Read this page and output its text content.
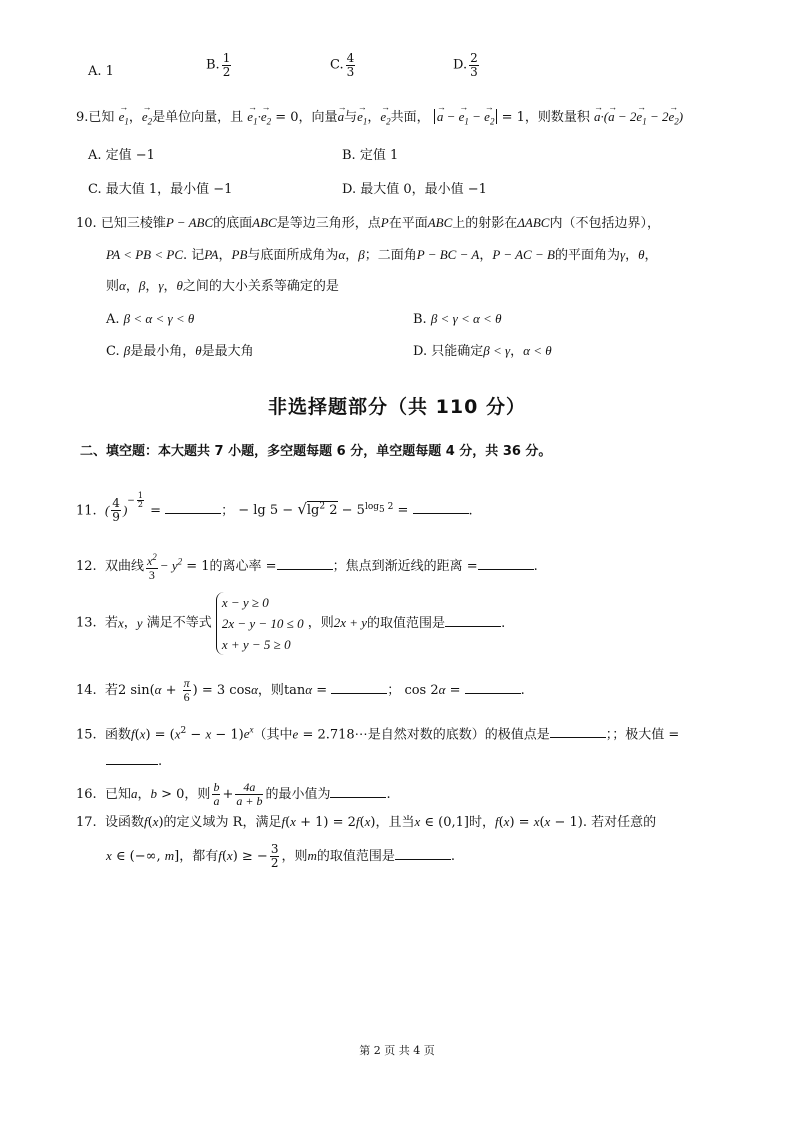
A. 1	B. $\frac{1}{2}$	C. $\frac{4}{3}$	D. $\frac{2}{3}$
9.已知 → $e_1$，→ $e_2$是单位向量，且 → $e_1\cdot\to e_2 = 0$，向量→ a与→ $e_1$，→ $e_2$共面， → a − → $e_1$ − → $e_2 = 1$，则数量积 → $a\cdot(\to a - 2\to e_1 - 2\to e_2)$
A. 定值 −1	B. 定值 1
C. 最大值 1，最小值 −1	D. 最大值 0，最小值 −1
10. 已知三棱锥P − ABC的底面ABC是等边三角形，点P在平面ABC上的射影在ΔABC内（不包括边界），
PA < PB < PC. 记PA，PB与底面所成角为α，β；二面角P − BC − A，P − AC − B的平面角为γ，θ，
则α，β，γ，θ之间的大小关系等确定的是
A. β < α < γ < θ	B. β < γ < α < θ
C. β是最小角，θ是最大角	D. 只能确定β < γ，α < θ
非选择题部分（共 110 分）
二、填空题：本大题共 7 小题，多空题每题 6 分，单空题每题 4 分，共 36 分。
11. ( $\frac{4}{9} )^{- \frac{1}{2}}$
=	； − $\lg 5 - √\lg^2$ $2 - 5^{log_5 2}$ =	.
12. 双曲线 $\frac{x^2}{3} - y^2 = 1$的离心率 =	；焦点到渐近线的距离 =	.
13. 若x，y 满足不等式 x − y ≥ 0
2x − y − 10 ≤ 0
x + y − 5 ≥ 0 ，则2x + y的取值范围是	.
14. 若2 $\sin(\alpha + \frac{\pi}{6}$ ) = 3 cosα，则tanα =	； cos 2α =	.
15. 函数$f(x) = (x^2 - x - 1)e^x$（其中e = 2.718⋯是自然对数的底数）的极值点是	；；极大值 =
.
16. 已知a，b > 0，则 $\frac{b}{a} + \frac{4a}{a + b}$ 的最小值为	.
17. 设函数f(x)的定义域为 R，满足f(x + 1) = 2f(x)，且当x ∈ (0,1]时，f(x) = x(x − 1). 若对任意的
x ∈ (−∞, m]，都有f(x) ≥ − $\frac{3}{2}$ ，则m的取值范围是	.
第 2 页 共 4 页
